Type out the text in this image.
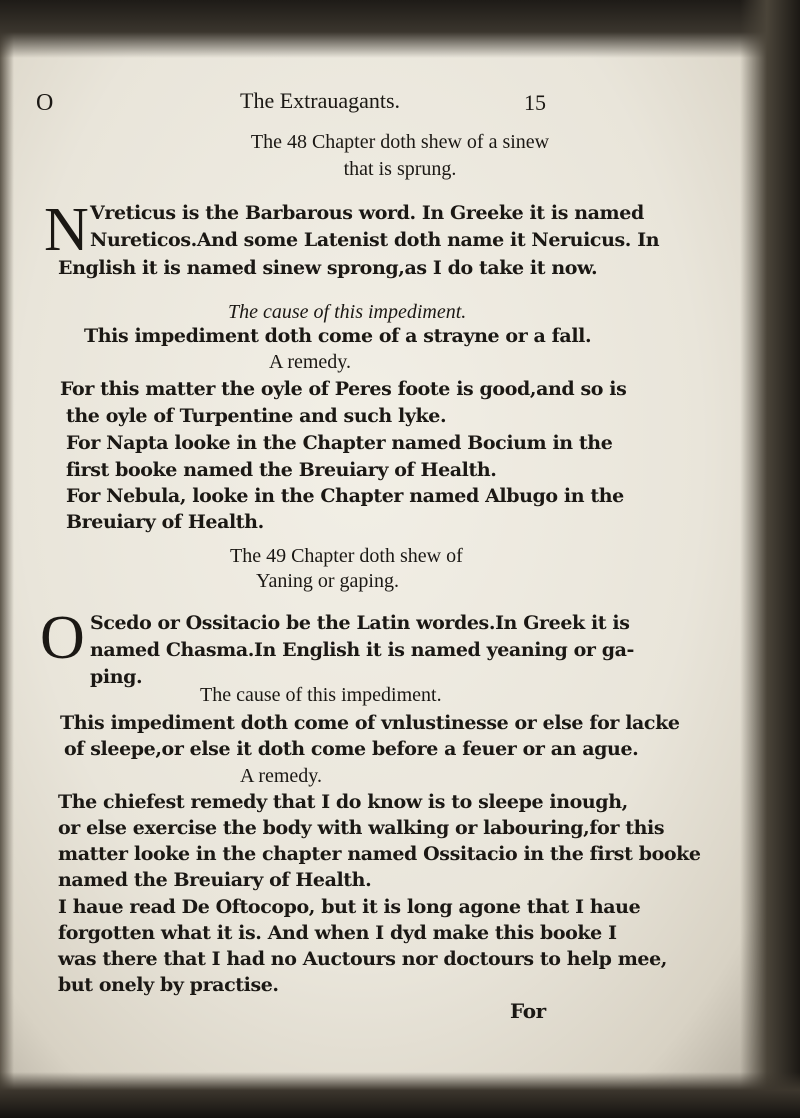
O	The Extrauagants.	15
The 48 Chapter doth shew of a sinew
that is sprung.
N Vreticus is the Barbarous word. In Greeke it is named
Nureticos.And some Latenist doth name it Neruicus. In
English it is named sinew sprong,as I do take it now.
The cause of this impediment.
This impediment doth come of a strayne or a fall.
A remedy.
For this matter the oyle of Peres foote is good,and so is
the oyle of Turpentine and such lyke.
For Napta looke in the Chapter named Bocium in the
first booke named the Breuiary of Health.
For Nebula, looke in the Chapter named Albugo in the
Breuiary of Health.
The 49 Chapter doth shew of
Yaning or gaping.
O Scedo or Ossitacio be the Latin wordes.In Greek it is
named Chasma.In English it is named yeaning or ga-
ping.
The cause of this impediment.
This impediment doth come of vnlustinesse or else for lacke
of sleepe,or else it doth come before a feuer or an ague.
A remedy.
The chiefest remedy that I do know is to sleepe inough,
or else exercise the body with walking or labouring,for this
matter looke in the chapter named Ossitacio in the first booke
named the Breuiary of Health.
I haue read De Oftocopo, but it is long agone that I haue
forgotten what it is. And when I dyd make this booke I
was there that I had no Auctours nor doctours to help mee,
but onely by practise.
For
